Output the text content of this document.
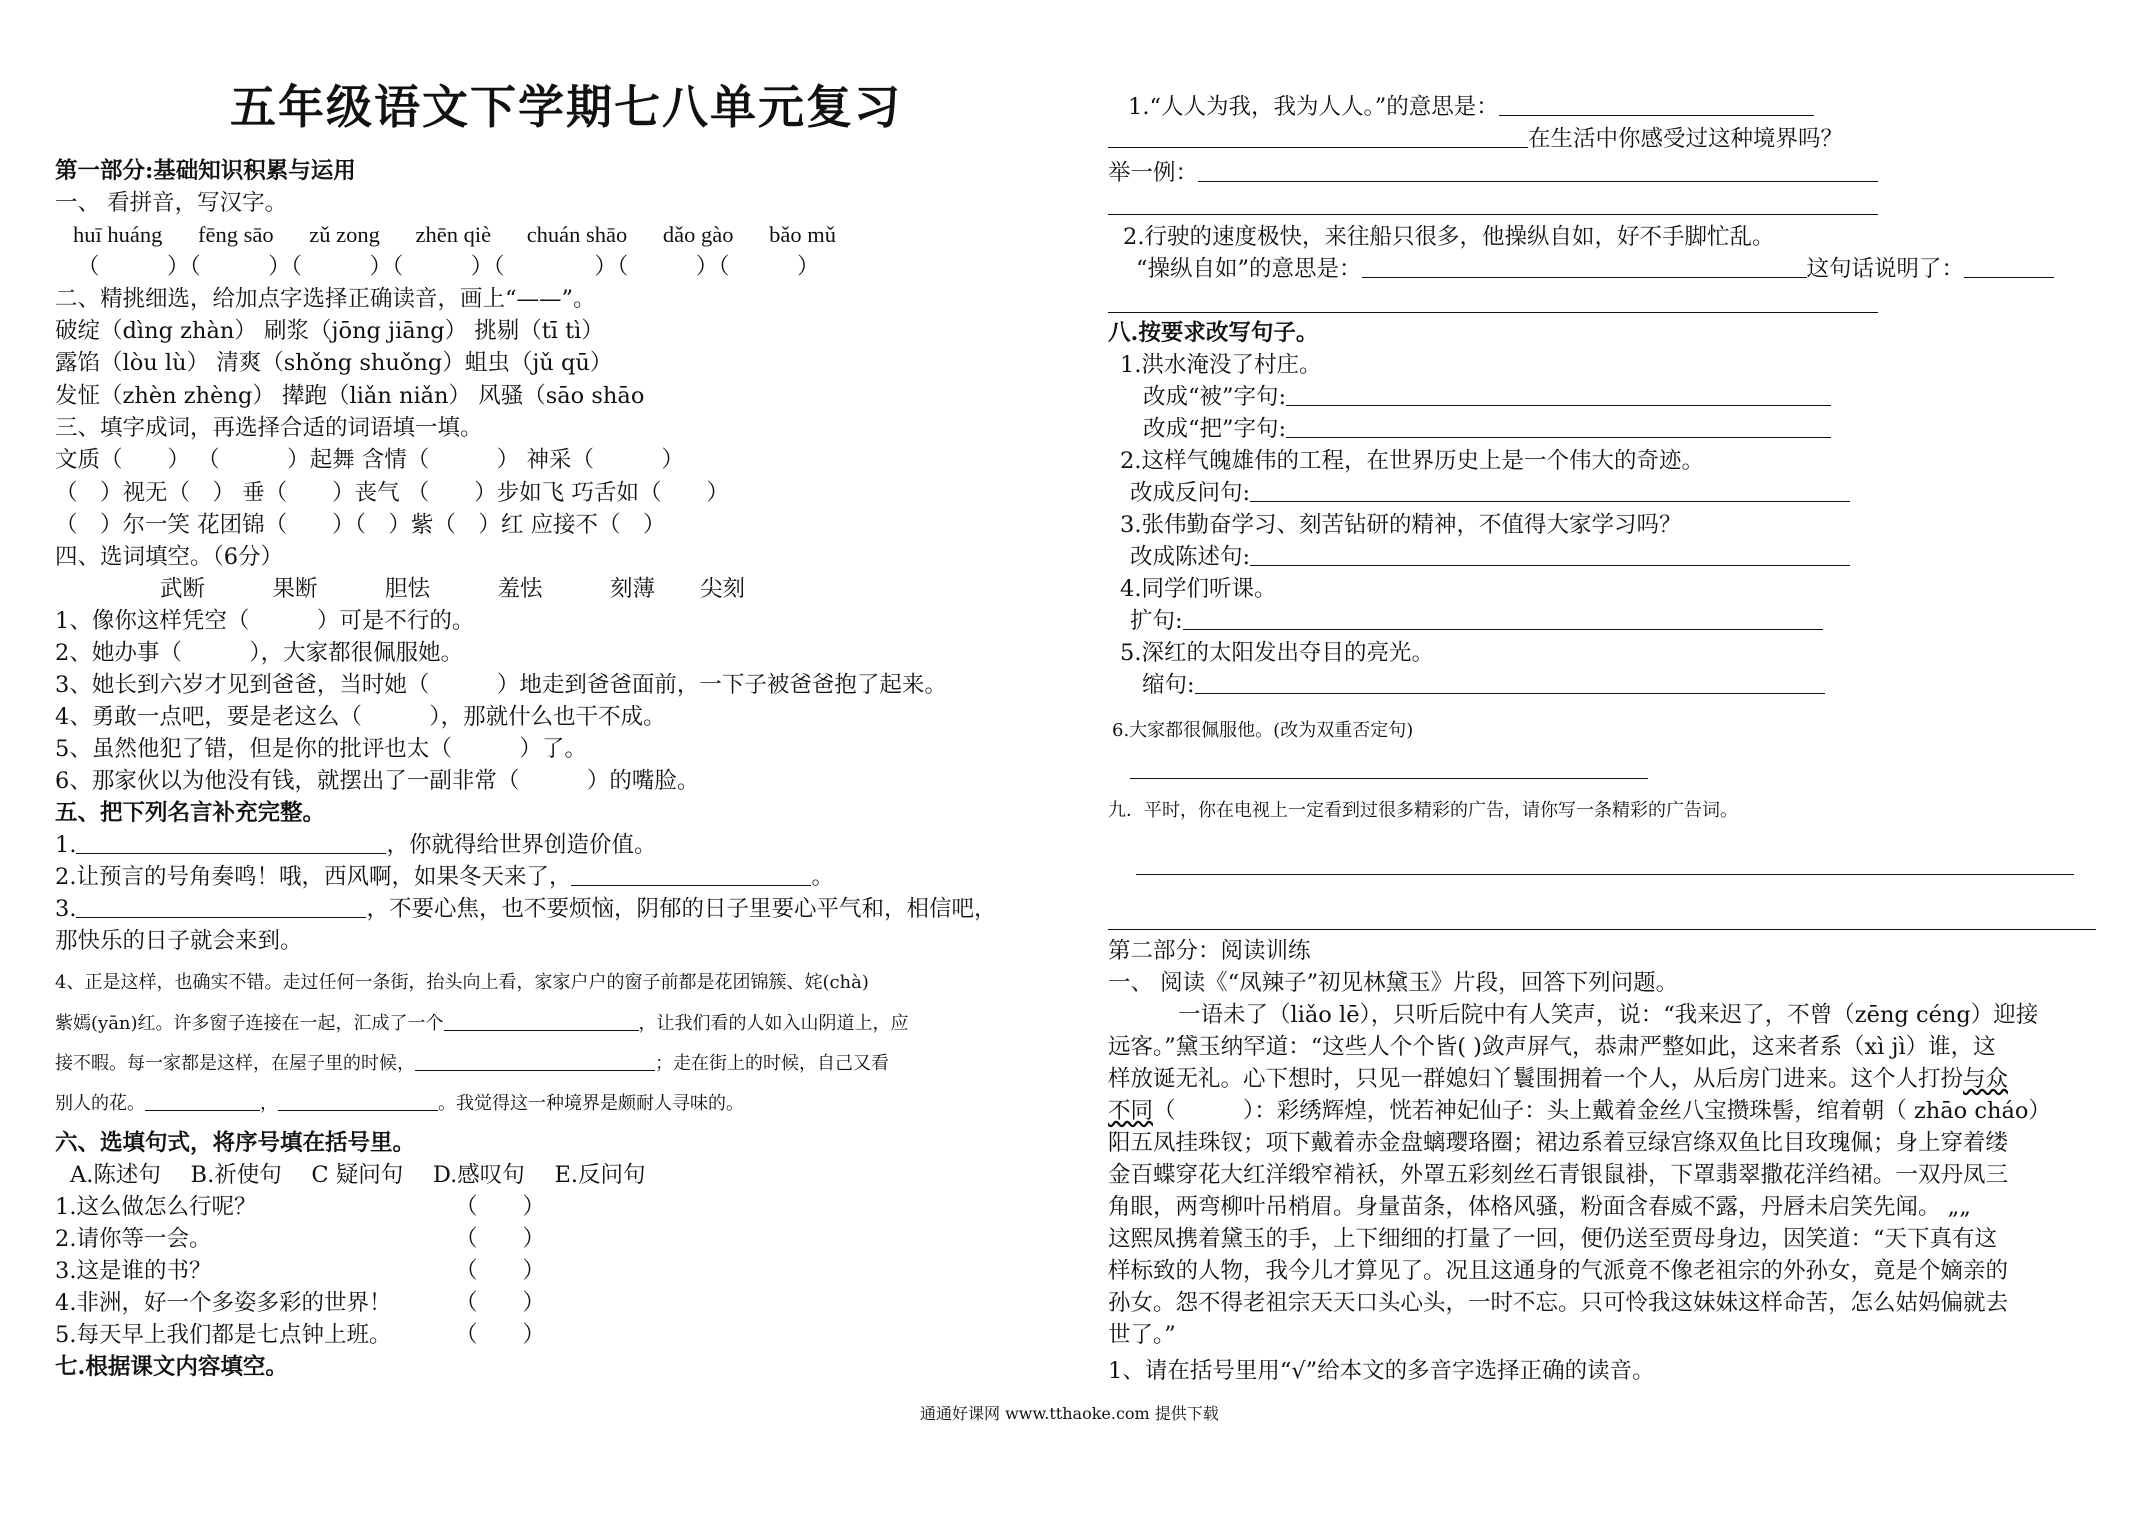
五年级语文下学期七八单元复习
第一部分:基础知识积累与运用
一、 看拼音，写汉字。
huī huáng fēng sāo zǔ zong zhēn qiè chuán shāo dǎo gào bǎo mǔ
（　　　）（　　　）（　　　）（　　　）（　　　　）（　　　）（　　　）
二、精挑细选，给加点字选择正确读音，画上“——”。
破绽（dìng zhàn） 刷浆（jōng jiāng） 挑剔（tī tì）
露馅（lòu lù） 清爽（shǒng shuǒng）蛆虫（jǔ qū）
发怔（zhèn zhèng） 撵跑（liǎn niǎn） 风骚（sāo shāo
三、填字成词，再选择合适的词语填一填。
文质（　　） （　　　）起舞 含情（　　　） 神采（　　　）
（　）视无（　） 垂（　　）丧气 （　　）步如飞 巧舌如（　　）
（　）尔一笑 花团锦（　　）（　）紫（　）红 应接不（　）
四、选词填空。（6分）
武断　　　果断　　　胆怯　　　羞怯　　　刻薄　　尖刻
1、像你这样凭空（　　　）可是不行的。
2、她办事（　　　），大家都很佩服她。
3、她长到六岁才见到爸爸，当时她（　　　）地走到爸爸面前，一下子被爸爸抱了起来。
4、勇敢一点吧，要是老这么（　　　），那就什么也干不成。
5、虽然他犯了错，但是你的批评也太（　　　）了。
6、那家伙以为他没有钱，就摆出了一副非常（　　　）的嘴脸。
五、把下列名言补充完整。
1.	，你就得给世界创造价值。
2.让预言的号角奏鸣！哦，西风啊，如果冬天来了，	。
3.	，不要心焦，也不要烦恼，阴郁的日子里要心平气和，相信吧，
那快乐的日子就会来到。
4、正是这样，也确实不错。走过任何一条街，抬头向上看，家家户户的窗子前都是花团锦簇、姹(chà)
紫嫣(yān)红。许多窗子连接在一起，汇成了一个	，让我们看的人如入山阴道上，应
接不暇。每一家都是这样，在屋子里的时候，	；走在街上的时候，自己又看
别人的花。	，	。我觉得这一种境界是颇耐人寻味的。
六、选填句式，将序号填在括号里。
A.陈述句　 B.祈使句　 C 疑问句　 D.感叹句　 E.反问句
1.这么做怎么行呢？	（　　）
2.请你等一会。	（　　）
3.这是谁的书？	（　　）
4.非洲，好一个多姿多彩的世界！	（　　）
5.每天早上我们都是七点钟上班。	（　　）
七.根据课文内容填空。
1.“人人为我，我为人人。”的意思是：
在生活中你感受过这种境界吗？
举一例：
2.行驶的速度极快，来往船只很多，他操纵自如，好不手脚忙乱。
“操纵自如”的意思是：	这句话说明了：
八.按要求改写句子。
1.洪水淹没了村庄。
改成“被”字句:
改成“把”字句:
2.这样气魄雄伟的工程，在世界历史上是一个伟大的奇迹。
改成反问句:
3.张伟勤奋学习、刻苦钻研的精神，不值得大家学习吗？
改成陈述句:
4.同学们听课。
扩句:
5.深红的太阳发出夺目的亮光。
缩句:
6.大家都很佩服他。(改为双重否定句)
九．平时，你在电视上一定看到过很多精彩的广告，请你写一条精彩的广告词。
第二部分：阅读训练
一、 阅读《“凤辣子”初见林黛玉》片段，回答下列问题。
一语未了（liǎo lē），只听后院中有人笑声，说：“我来迟了，不曾（zēng céng）迎接
远客。”黛玉纳罕道：“这些人个个皆( )敛声屏气，恭肃严整如此，这来者系（xì jì）谁，这
样放诞无礼。心下想时，只见一群媳妇丫鬟围拥着一个人，从后房门进来。这个人打扮与众
不同（　　　）：彩绣辉煌，恍若神妃仙子：头上戴着金丝八宝攒珠髻，绾着朝（ zhāo cháo）
阳五凤挂珠钗；项下戴着赤金盘螭璎珞圈；裙边系着豆绿宫绦双鱼比目玫瑰佩；身上穿着缕
金百蝶穿花大红洋缎窄褃袄，外罩五彩刻丝石青银鼠褂，下罩翡翠撒花洋绉裙。一双丹凤三
角眼，两弯柳叶吊梢眉。身量苗条，体格风骚，粉面含春威不露，丹唇未启笑先闻。 „„
这熙凤携着黛玉的手，上下细细的打量了一回，便仍送至贾母身边，因笑道：“天下真有这
样标致的人物，我今儿才算见了。况且这通身的气派竟不像老祖宗的外孙女，竟是个嫡亲的
孙女。怨不得老祖宗天天口头心头，一时不忘。只可怜我这妹妹这样命苦，怎么姑妈偏就去
世了。”
1、请在括号里用“√”给本文的多音字选择正确的读音。
通通好课网 www.tthaoke.com 提供下载
